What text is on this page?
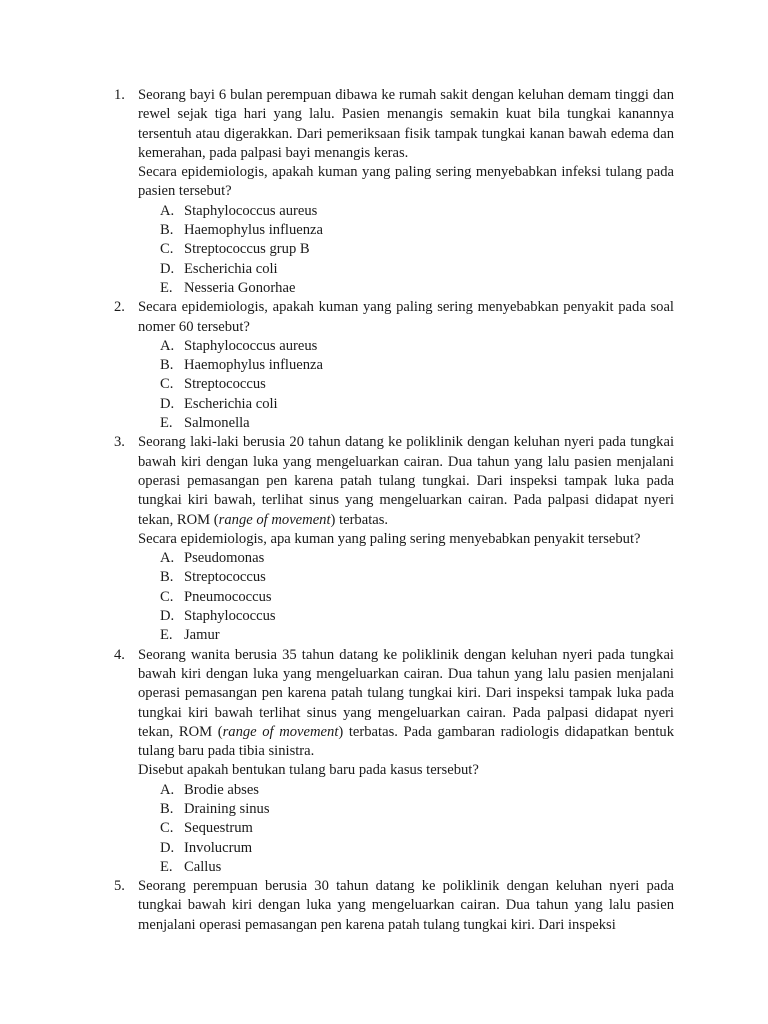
1. Seorang bayi 6 bulan perempuan dibawa ke rumah sakit dengan keluhan demam tinggi dan rewel sejak tiga hari yang lalu. Pasien menangis semakin kuat bila tungkai kanannya tersentuh atau digerakkan. Dari pemeriksaan fisik tampak tungkai kanan bawah edema dan kemerahan, pada palpasi bayi menangis keras.
Secara epidemiologis, apakah kuman yang paling sering menyebabkan infeksi tulang pada pasien tersebut?
A. Staphylococcus aureus
B. Haemophylus influenza
C. Streptococcus grup B
D. Escherichia coli
E. Nesseria Gonorhae
2. Secara epidemiologis, apakah kuman yang paling sering menyebabkan penyakit pada soal nomer 60 tersebut?
A. Staphylococcus aureus
B. Haemophylus influenza
C. Streptococcus
D. Escherichia coli
E. Salmonella
3. Seorang laki-laki berusia 20 tahun datang ke poliklinik dengan keluhan nyeri pada tungkai bawah kiri dengan luka yang mengeluarkan cairan. Dua tahun yang lalu pasien menjalani operasi pemasangan pen karena patah tulang tungkai. Dari inspeksi tampak luka pada tungkai kiri bawah, terlihat sinus yang mengeluarkan cairan. Pada palpasi didapat nyeri tekan, ROM (range of movement) terbatas.
Secara epidemiologis, apa kuman yang paling sering menyebabkan penyakit tersebut?
A. Pseudomonas
B. Streptococcus
C. Pneumococcus
D. Staphylococcus
E. Jamur
4. Seorang wanita berusia 35 tahun datang ke poliklinik dengan keluhan nyeri pada tungkai bawah kiri dengan luka yang mengeluarkan cairan. Dua tahun yang lalu pasien menjalani operasi pemasangan pen karena patah tulang tungkai kiri. Dari inspeksi tampak luka pada tungkai kiri bawah terlihat sinus yang mengeluarkan cairan. Pada palpasi didapat nyeri tekan, ROM (range of movement) terbatas. Pada gambaran radiologis didapatkan bentuk tulang baru pada tibia sinistra.
Disebut apakah bentukan tulang baru pada kasus tersebut?
A. Brodie abses
B. Draining sinus
C. Sequestrum
D. Involucrum
E. Callus
5. Seorang perempuan berusia 30 tahun datang ke poliklinik dengan keluhan nyeri pada tungkai bawah kiri dengan luka yang mengeluarkan cairan. Dua tahun yang lalu pasien menjalani operasi pemasangan pen karena patah tulang tungkai kiri. Dari inspeksi
